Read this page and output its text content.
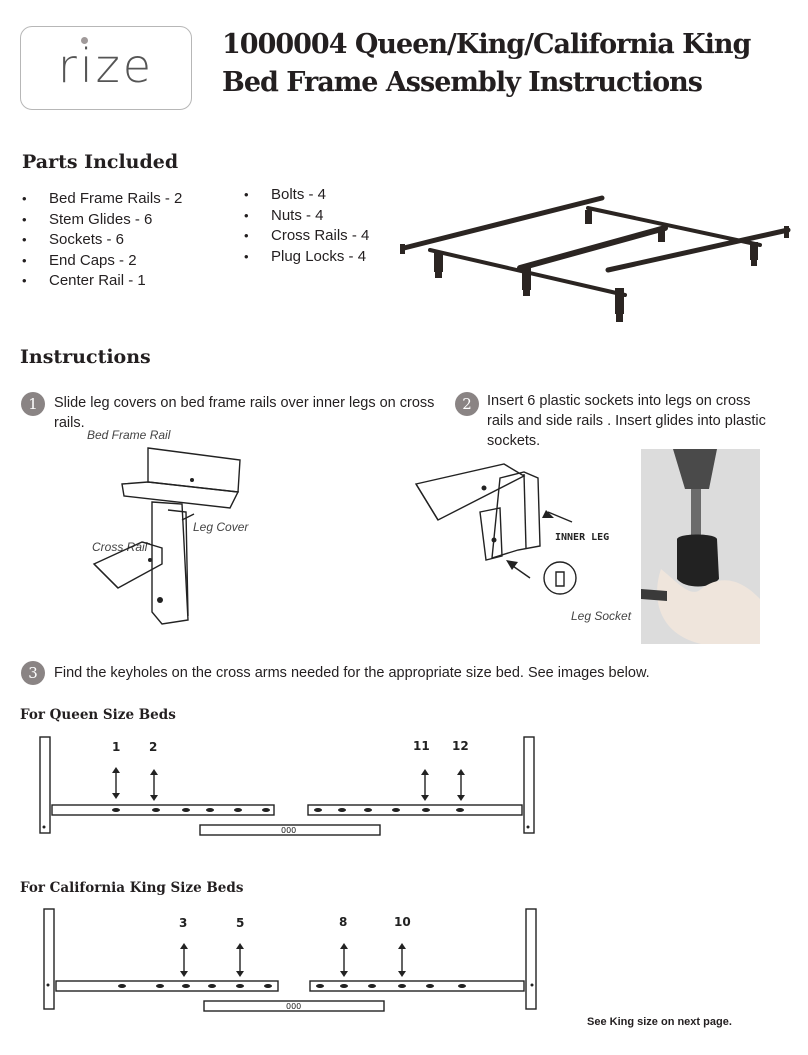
rize	1000004 Queen/King/California King
Bed Frame Assembly Instructions
Parts Included
• Bed Frame Rails - 2
• Stem Glides - 6
• Sockets - 6
• End Caps - 2
• Center Rail - 1
• Bolts - 4
• Nuts - 4
• Cross Rails - 4
• Plug Locks - 4
Instructions
1	Slide leg covers on bed frame rails over inner legs on cross rails.
2	Insert 6 plastic sockets into legs on cross rails and side rails . Insert glides into plastic sockets.
Bed Frame Rail
Leg Cover
Cross Rail
INNER LEG
Leg Socket
3	Find the keyholes on the cross arms needed for the appropriate size bed. See images below.
For Queen Size Beds
1 2	11 12
000
For California King Size Beds
3	5	8	10
000
See King size on next page.
